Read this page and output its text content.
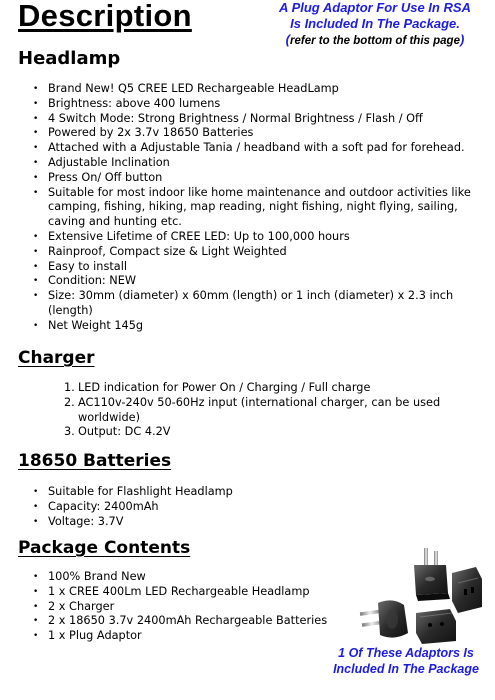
Description	A Plug Adaptor For Use In RSA
Is Included In The Package.
(refer to the bottom of this page)
Headlamp
• Brand New! Q5 CREE LED Rechargeable HeadLamp
• Brightness: above 400 lumens
• 4 Switch Mode: Strong Brightness / Normal Brightness / Flash / Off
• Powered by 2x 3.7v 18650 Batteries
• Attached with a Adjustable Tania / headband with a soft pad for forehead.
• Adjustable Inclination
• Press On/ Off button
• Suitable for most indoor like home maintenance and outdoor activities like camping, fishing, hiking, map reading, night fishing, night flying, sailing, caving and hunting etc.
• Extensive Lifetime of CREE LED: Up to 100,000 hours
• Rainproof, Compact size & Light Weighted
• Easy to install
• Condition: NEW
• Size: 30mm (diameter) x 60mm (length) or 1 inch (diameter) x 2.3 inch (length)
• Net Weight 145g
Charger
1. LED indication for Power On / Charging / Full charge
2. AC110v-240v 50-60Hz input (international charger, can be used worldwide)
3. Output: DC 4.2V
18650 Batteries
• Suitable for Flashlight Headlamp
• Capacity: 2400mAh
• Voltage: 3.7V
Package Contents
• 100% Brand New
• 1 x CREE 400Lm LED Rechargeable Headlamp
• 2 x Charger
• 2 x 18650 3.7v 2400mAh Rechargeable Batteries
• 1 x Plug Adaptor
1 Of These Adaptors Is
Included In The Package
